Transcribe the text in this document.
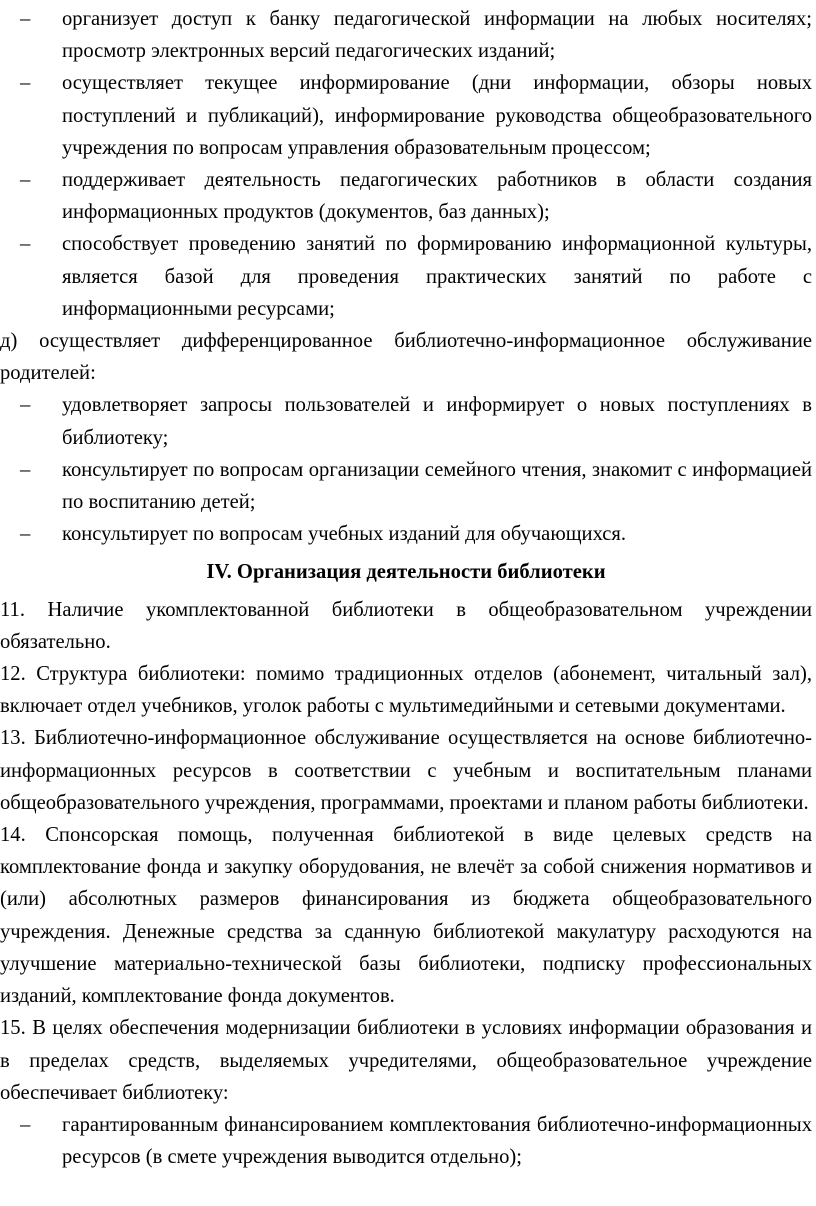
– организует доступ к банку педагогической информации на любых носителях; просмотр электронных версий педагогических изданий;
– осуществляет текущее информирование (дни информации, обзоры новых поступлений и публикаций), информирование руководства общеобразовательного учреждения по вопросам управления образовательным процессом;
– поддерживает деятельность педагогических работников в области создания информационных продуктов (документов, баз данных);
– способствует проведению занятий по формированию информационной культуры, является базой для проведения практических занятий по работе с информационными ресурсами;

д) осуществляет дифференцированное библиотечно-информационное обслуживание родителей:

– удовлетворяет запросы пользователей и информирует о новых поступлениях в библиотеку;
– консультирует по вопросам организации семейного чтения, знакомит с информацией по воспитанию детей;
– консультирует по вопросам учебных изданий для обучающихся.
IV. Организация деятельности библиотеки

11. Наличие укомплектованной библиотеки в общеобразовательном учреждении обязательно.

12. Структура библиотеки: помимо традиционных отделов (абонемент, читальный зал), включает отдел учебников, уголок работы с мультимедийными и сетевыми документами.

13. Библиотечно-информационное обслуживание осуществляется на основе библиотечно-информационных ресурсов в соответствии с учебным и воспитательным планами общеобразовательного учреждения, программами, проектами и планом работы библиотеки.

14. Спонсорская помощь, полученная библиотекой в виде целевых средств на комплектование фонда и закупку оборудования, не влечёт за собой снижения нормативов и (или) абсолютных размеров финансирования из бюджета общеобразовательного учреждения. Денежные средства за сданную библиотекой макулатуру расходуются на улучшение материально-технической базы библиотеки, подписку профессиональных изданий, комплектование фонда документов.

15. В целях обеспечения модернизации библиотеки в условиях информации образования и в пределах средств, выделяемых учредителями, общеобразовательное учреждение обеспечивает библиотеку:

– гарантированным финансированием комплектования библиотечно-информационных ресурсов (в смете учреждения выводится отдельно);
